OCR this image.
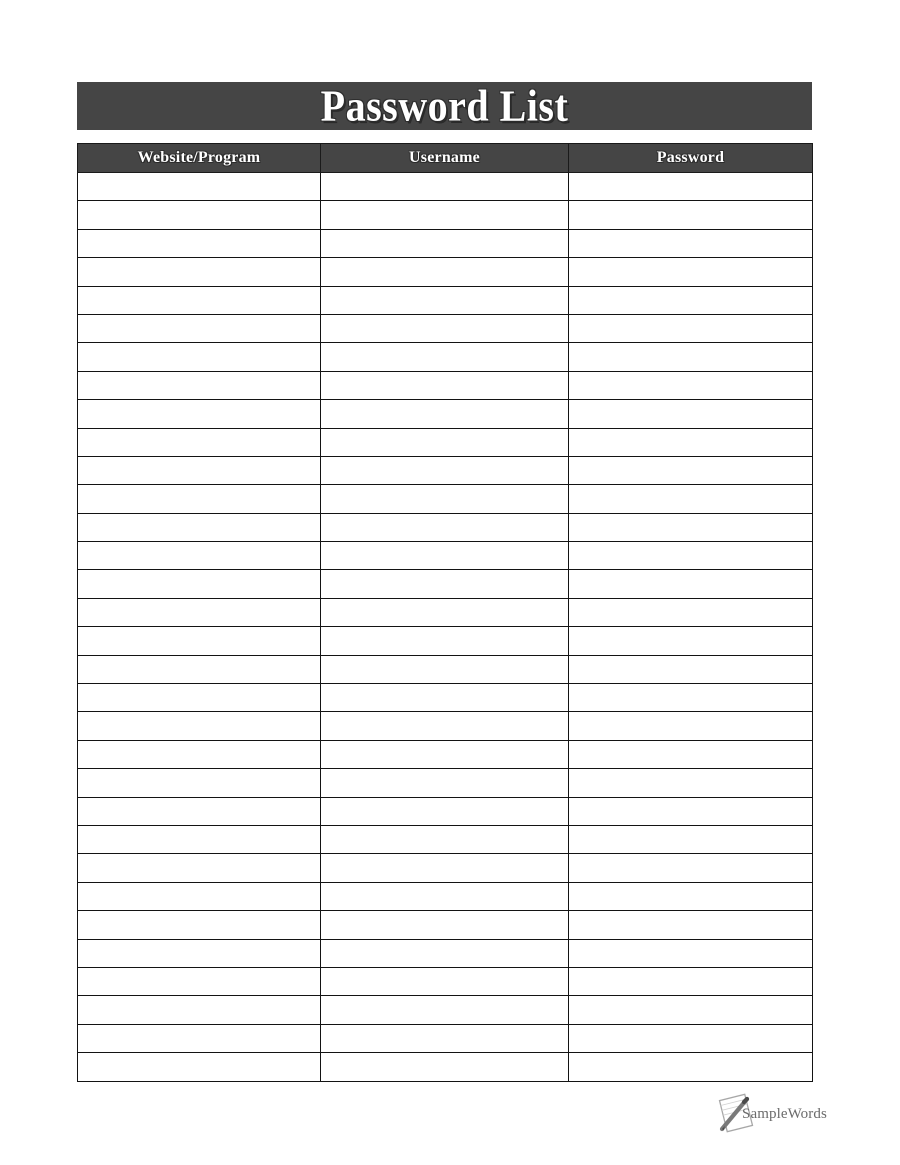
Password List
Website/Program	Username	Password

SampleWords
